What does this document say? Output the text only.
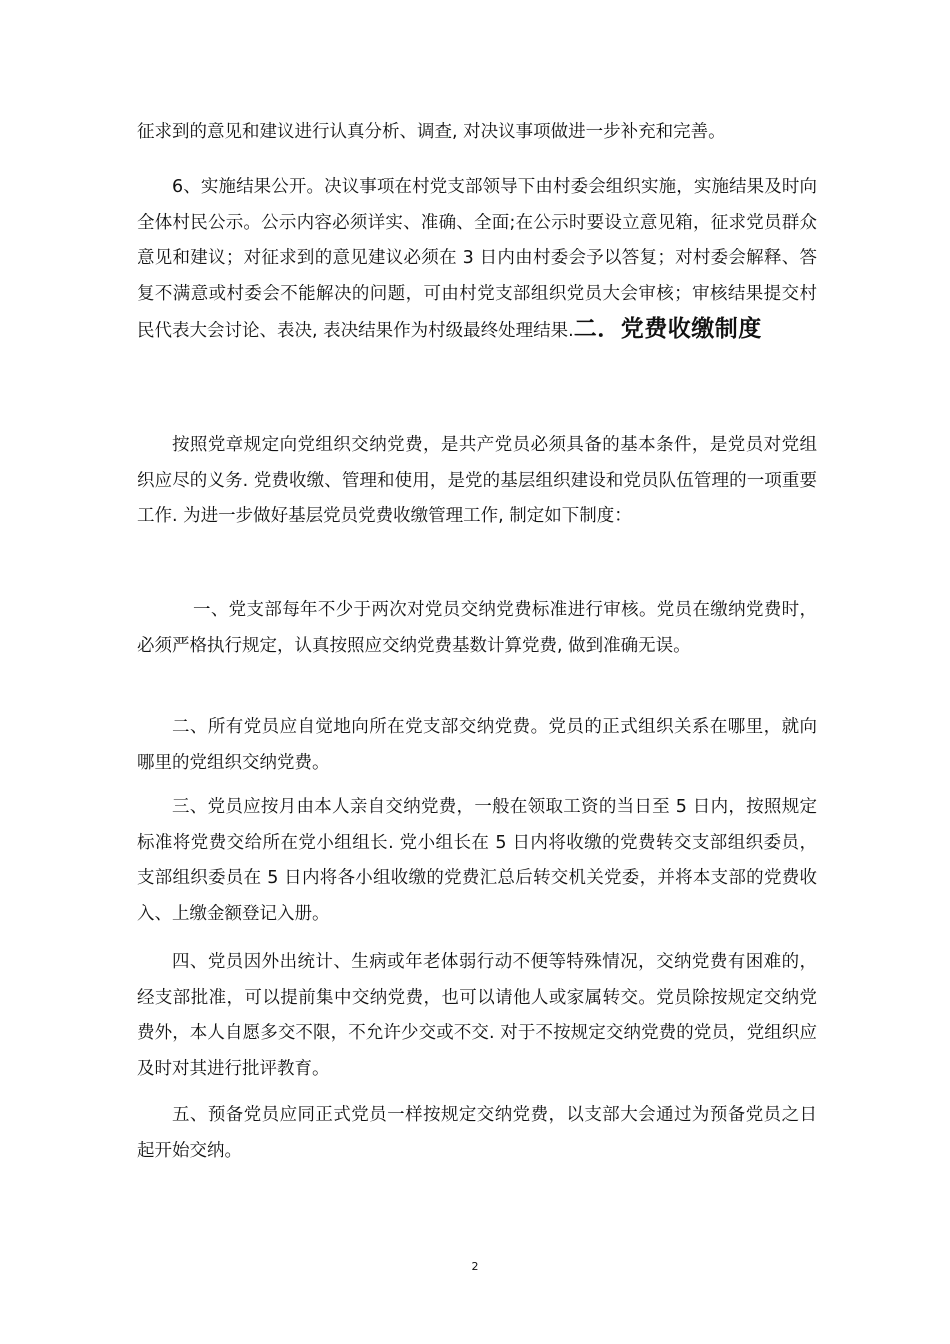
征求到的意见和建议进行认真分析、调查, 对决议事项做进一步补充和完善。

6、实施结果公开。决议事项在村党支部领导下由村委会组织实施，实施结果及时向全体村民公示。公示内容必须详实、准确、全面;在公示时要设立意见箱，征求党员群众意见和建议；对征求到的意见建议必须在 3 日内由村委会予以答复；对村委会解释、答复不满意或村委会不能解决的问题，可由村党支部组织党员大会审核；审核结果提交村民代表大会讨论、表决, 表决结果作为村级最终处理结果.二．党费收缴制度

按照党章规定向党组织交纳党费，是共产党员必须具备的基本条件，是党员对党组织应尽的义务. 党费收缴、管理和使用，是党的基层组织建设和党员队伍管理的一项重要工作. 为进一步做好基层党员党费收缴管理工作, 制定如下制度：

一、党支部每年不少于两次对党员交纳党费标准进行审核。党员在缴纳党费时，必须严格执行规定，认真按照应交纳党费基数计算党费, 做到准确无误。

二、所有党员应自觉地向所在党支部交纳党费。党员的正式组织关系在哪里，就向哪里的党组织交纳党费。

三、党员应按月由本人亲自交纳党费，一般在领取工资的当日至 5 日内，按照规定标准将党费交给所在党小组组长. 党小组长在 5 日内将收缴的党费转交支部组织委员，支部组织委员在 5 日内将各小组收缴的党费汇总后转交机关党委，并将本支部的党费收入、上缴金额登记入册。

四、党员因外出统计、生病或年老体弱行动不便等特殊情况，交纳党费有困难的，经支部批准，可以提前集中交纳党费，也可以请他人或家属转交。党员除按规定交纳党费外，本人自愿多交不限，不允许少交或不交. 对于不按规定交纳党费的党员，党组织应及时对其进行批评教育。

五、预备党员应同正式党员一样按规定交纳党费，以支部大会通过为预备党员之日起开始交纳。

2
